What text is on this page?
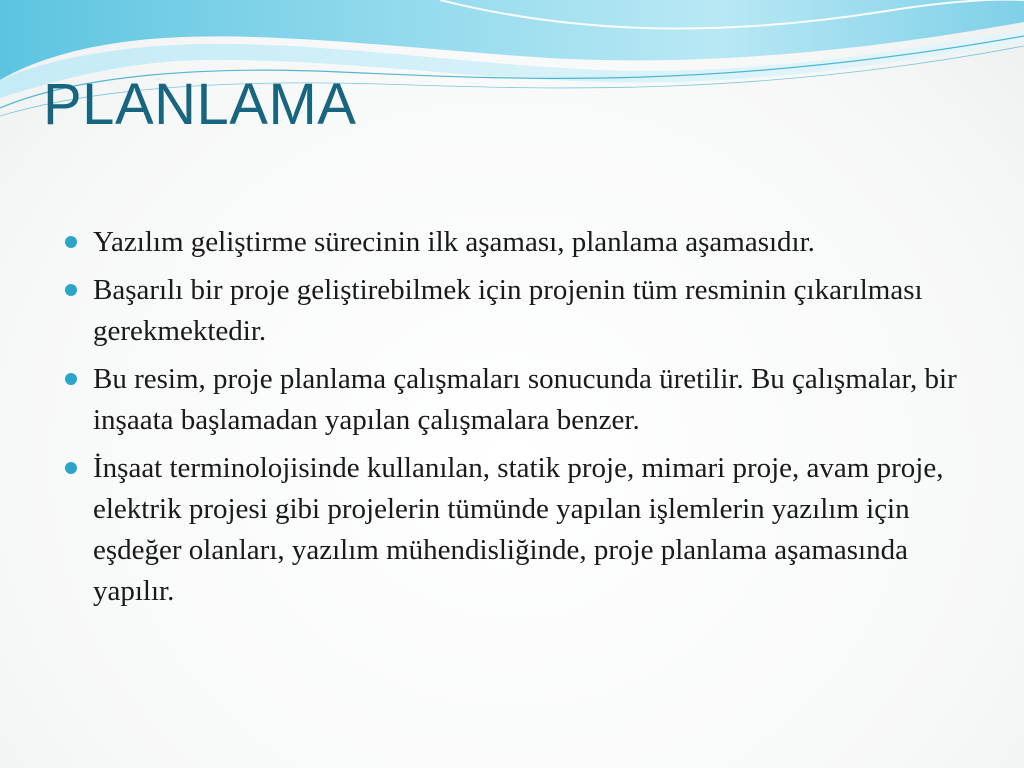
PLANLAMA
Yazılım geliştirme sürecinin ilk aşaması, planlama aşamasıdır.
Başarılı bir proje geliştirebilmek için projenin tüm resminin çıkarılması gerekmektedir.
Bu resim, proje planlama çalışmaları sonucunda üretilir. Bu çalışmalar, bir inşaata başlamadan yapılan çalışmalara benzer.
İnşaat terminolojisinde kullanılan, statik proje, mimari proje, avam proje, elektrik projesi gibi projelerin tümünde yapılan işlemlerin yazılım için eşdeğer olanları, yazılım mühendisliğinde, proje planlama aşamasında yapılır.
